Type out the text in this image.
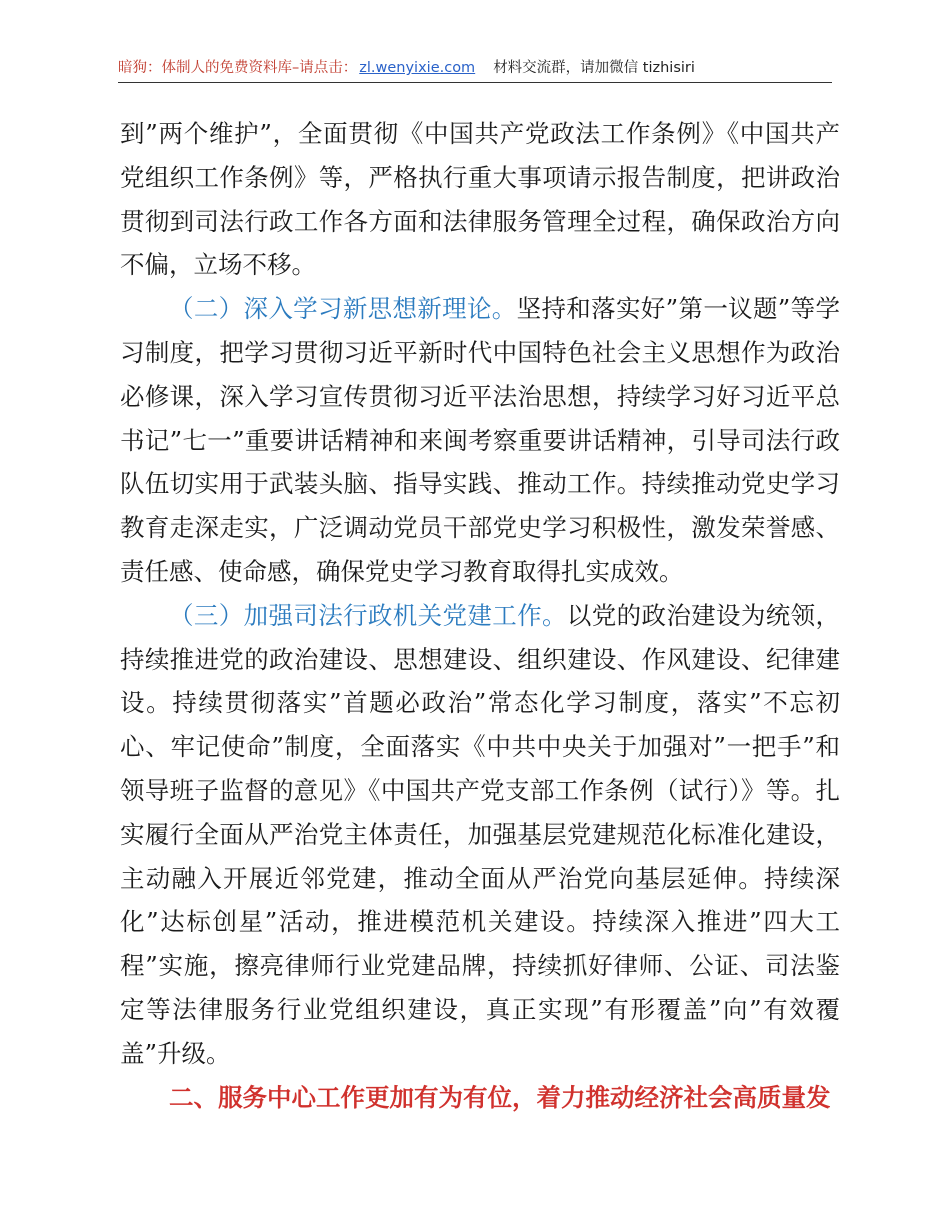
暗狗：体制人的免费资料库–请点击： zl.wenyixie.com 材料交流群，请加微信 tizhisiri

到”两个维护”，全面贯彻《中国共产党政法工作条例》《中国共产党组织工作条例》等，严格执行重大事项请示报告制度，把讲政治贯彻到司法行政工作各方面和法律服务管理全过程，确保政治方向不偏，立场不移。

（二）深入学习新思想新理论。坚持和落实好”第一议题”等学习制度，把学习贯彻习近平新时代中国特色社会主义思想作为政治必修课，深入学习宣传贯彻习近平法治思想，持续学习好习近平总书记”七一”重要讲话精神和来闽考察重要讲话精神，引导司法行政队伍切实用于武装头脑、指导实践、推动工作。持续推动党史学习教育走深走实，广泛调动党员干部党史学习积极性，激发荣誉感、责任感、使命感，确保党史学习教育取得扎实成效。

（三）加强司法行政机关党建工作。以党的政治建设为统领，持续推进党的政治建设、思想建设、组织建设、作风建设、纪律建设。持续贯彻落实”首题必政治”常态化学习制度，落实”不忘初心、牢记使命”制度，全面落实《中共中央关于加强对”一把手”和领导班子监督的意见》《中国共产党支部工作条例（试行）》等。扎实履行全面从严治党主体责任，加强基层党建规范化标准化建设，主动融入开展近邻党建，推动全面从严治党向基层延伸。持续深化”达标创星”活动，推进模范机关建设。持续深入推进”四大工程”实施，擦亮律师行业党建品牌，持续抓好律师、公证、司法鉴定等法律服务行业党组织建设，真正实现”有形覆盖”向”有效覆盖”升级。

二、服务中心工作更加有为有位，着力推动经济社会高质量发
